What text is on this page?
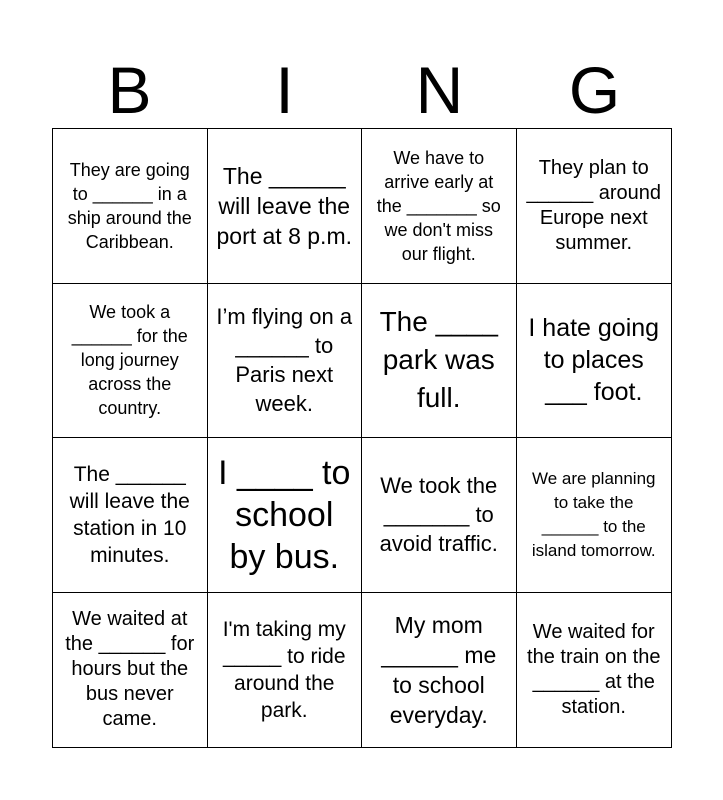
B	I	N	G
They are going to ______ in a ship around the Caribbean.
The ______ will leave the port at 8 p.m.
We have to arrive early at the _______ so we don't miss our flight.
They plan to ______ around Europe next summer.
We took a ______ for the long journey across the country.
I’m flying on a ______ to Paris next week.
The ____ park was full.
I hate going to places ___ foot.
The ______ will leave the station in 10 minutes.
I ____ to school by bus.
We took the _______ to avoid traffic.
We are planning to take the ______ to the island tomorrow.
We waited at the ______ for hours but the bus never came.
I'm taking my _____ to ride around the park.
My mom ______ me to school everyday.
We waited for the train on the ______ at the station.
